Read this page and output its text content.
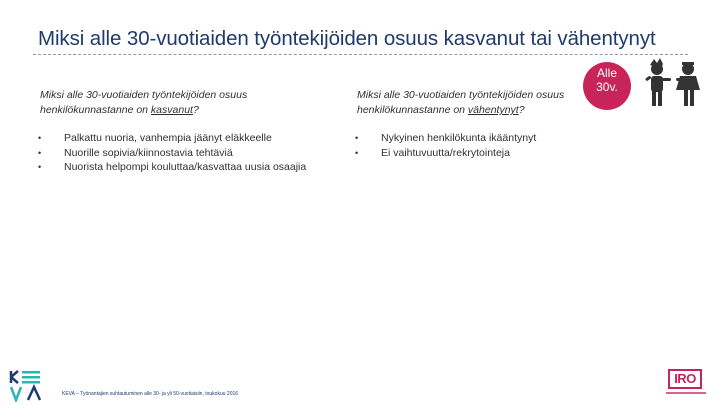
Miksi alle 30-vuotiaiden työntekijöiden osuus kasvanut tai vähentynyt

Miksi alle 30-vuotiaiden työntekijöiden osuus henkilökunnastanne on kasvanut?

• Palkattu nuoria, vanhempia jäänyt eläkkeelle
• Nuorille sopivia/kiinnostavia tehtäviä
• Nuorista helpompi kouluttaa/kasvattaa uusia osaajia

Miksi alle 30-vuotiaiden työntekijöiden osuus henkilökunnastanne on vähentynyt?

• Nykyinen henkilökunta ikääntynyt
• Ei vaihtuvuutta/rekrytointeja
Alle
30v.
KEVA – Työnantajien suhtautuminen alle 30- ja yli 50-vuotiaisiin, toukokuu 2016
IRO
